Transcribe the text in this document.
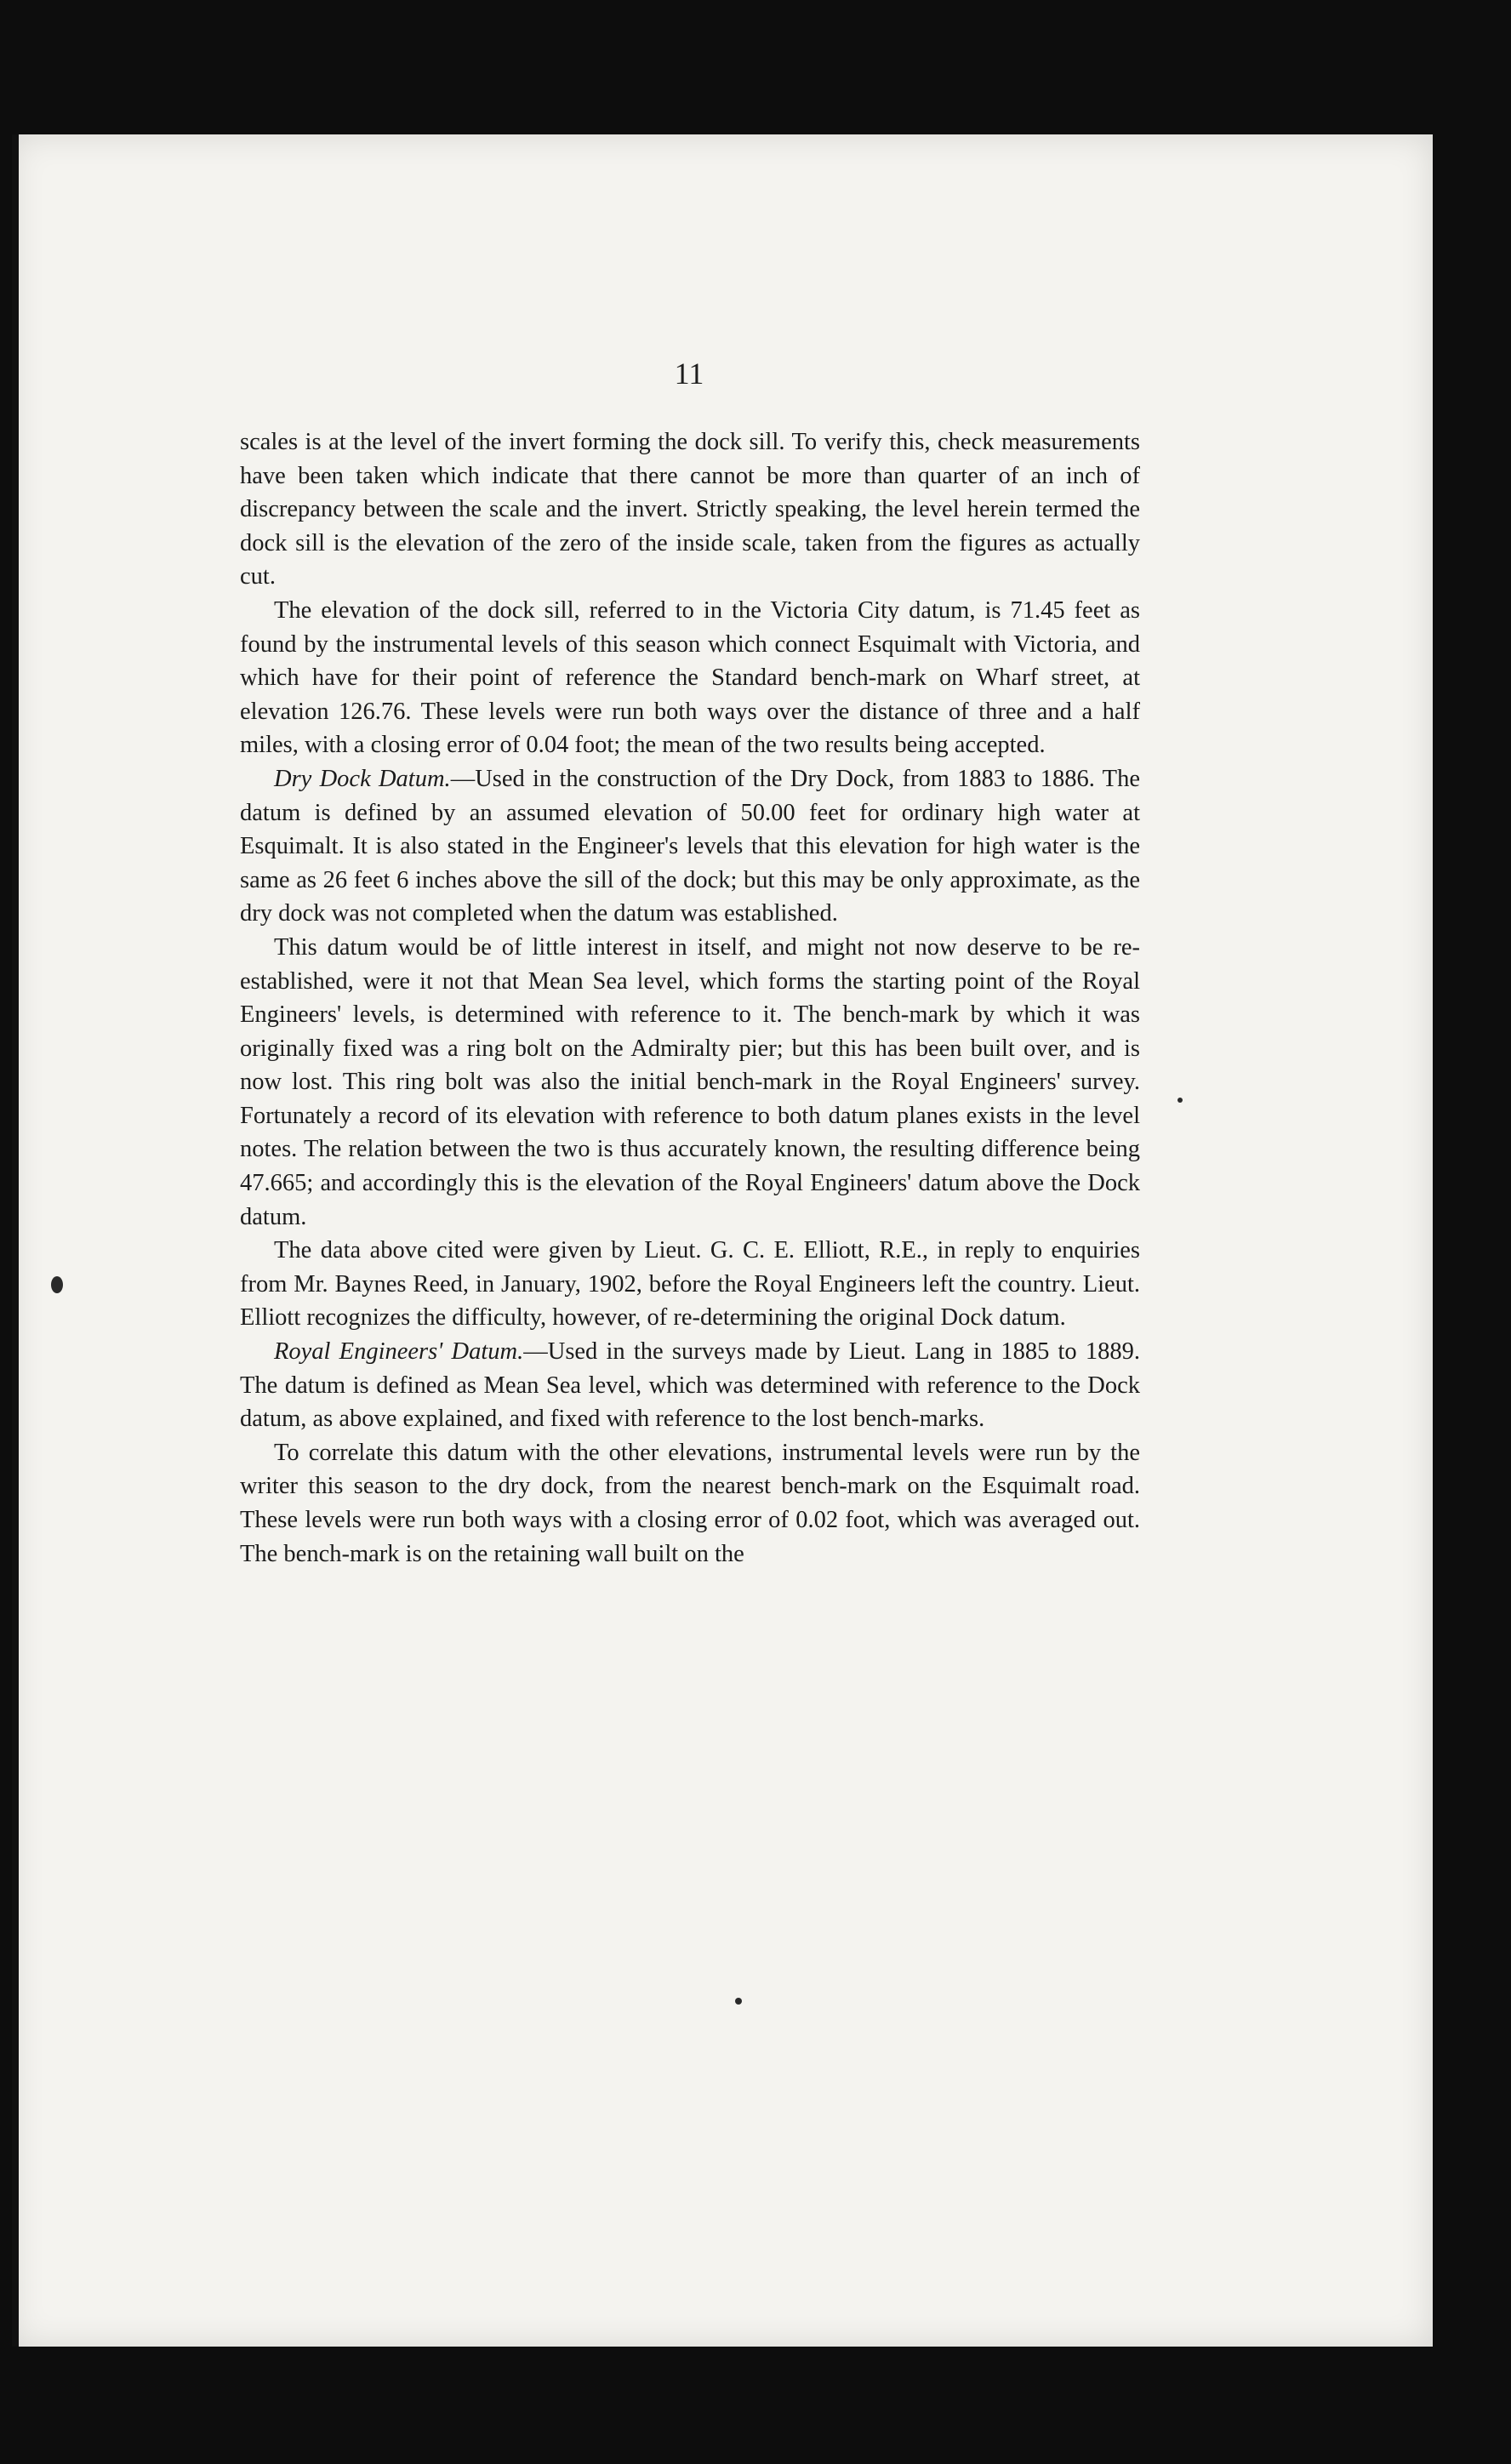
11

scales is at the level of the invert forming the dock sill. To verify this, check measurements have been taken which indicate that there cannot be more than quarter of an inch of discrepancy between the scale and the invert. Strictly speaking, the level herein termed the dock sill is the elevation of the zero of the inside scale, taken from the figures as actually cut.

The elevation of the dock sill, referred to in the Victoria City datum, is 71.45 feet as found by the instrumental levels of this season which connect Esquimalt with Victoria, and which have for their point of reference the Standard bench-mark on Wharf street, at elevation 126.76. These levels were run both ways over the distance of three and a half miles, with a closing error of 0.04 foot; the mean of the two results being accepted.

Dry Dock Datum.—Used in the construction of the Dry Dock, from 1883 to 1886. The datum is defined by an assumed elevation of 50.00 feet for ordinary high water at Esquimalt. It is also stated in the Engineer's levels that this elevation for high water is the same as 26 feet 6 inches above the sill of the dock; but this may be only approximate, as the dry dock was not completed when the datum was established.

This datum would be of little interest in itself, and might not now deserve to be re-established, were it not that Mean Sea level, which forms the starting point of the Royal Engineers' levels, is determined with reference to it. The bench-mark by which it was originally fixed was a ring bolt on the Admiralty pier; but this has been built over, and is now lost. This ring bolt was also the initial bench-mark in the Royal Engineers' survey. Fortunately a record of its elevation with reference to both datum planes exists in the level notes. The relation between the two is thus accurately known, the resulting difference being 47.665; and accordingly this is the elevation of the Royal Engineers' datum above the Dock datum.

The data above cited were given by Lieut. G. C. E. Elliott, R.E., in reply to enquiries from Mr. Baynes Reed, in January, 1902, before the Royal Engineers left the country. Lieut. Elliott recognizes the difficulty, however, of re-determining the original Dock datum.

Royal Engineers' Datum.—Used in the surveys made by Lieut. Lang in 1885 to 1889. The datum is defined as Mean Sea level, which was determined with reference to the Dock datum, as above explained, and fixed with reference to the lost bench-marks.

To correlate this datum with the other elevations, instrumental levels were run by the writer this season to the dry dock, from the nearest bench-mark on the Esquimalt road. These levels were run both ways with a closing error of 0.02 foot, which was averaged out. The bench-mark is on the retaining wall built on the
